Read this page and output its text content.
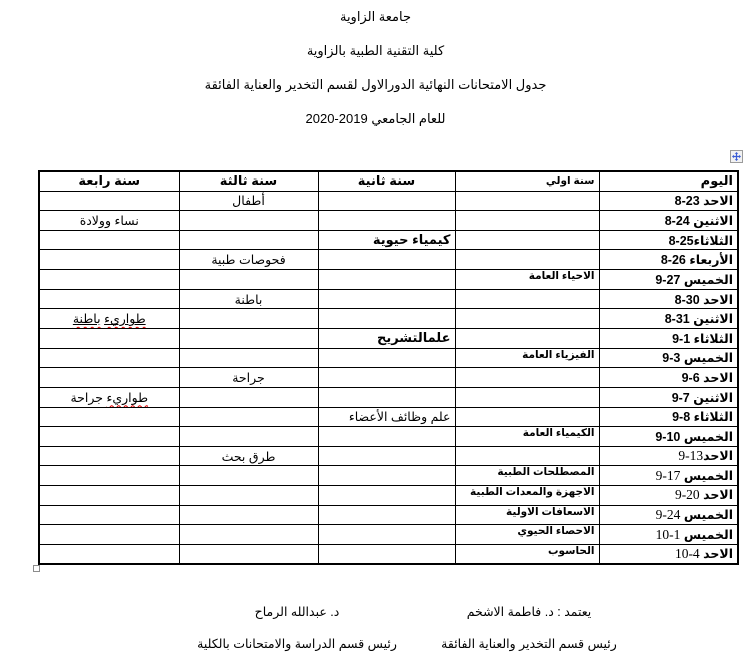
جامعة الزاوية
كلية التقنية الطبية بالزاوية
جدول الامتحانات النهائية الدورالاول لقسم التخدير والعناية الفائقة
للعام الجامعي 2020-2019
اليوم	سنة اولي	سنة ثانية	سنة ثالثة	سنة رابعة
الاحد 8-23			أطفال	
الاثنين 8-24				نساء وولادة
الثلاثاء8-25		كيمياء حيوية		
الأربعاء 8-26			فحوصات طبية	
الخميس 9-27	الاحياء العامة			
الاحد 8-30			باطنة	
الاثنين 8-31				طواريء باطنة
الثلاثاء 9-1		علمالتشريح		
الخميس 9-3	الفيزياء العامة			
الاحد 9-6			جراحة	
الاثنين 9-7				طواريء جراحة
الثلاثاء 9-8		علم وظائف الأعضاء		
الخميس 9-10	الكيمياء العامة			
الاحد9-13			طرق بحث	
الخميس 9-17	المصطلحات الطبية			
الاحد 9-20	الاجهزة والمعدات الطبية			
الخميس 9-24	الاسعافات الاولية			
الخميس 10-1	الاحصاء الحيوي			
الاحد 10-4	الحاسوب			
يعتمد : د. فاطمة الاشخم
رئيس قسم التخدير والعناية الفائقة
د. عبدالله الرماح
رئيس قسم الدراسة والامتحانات بالكلية
